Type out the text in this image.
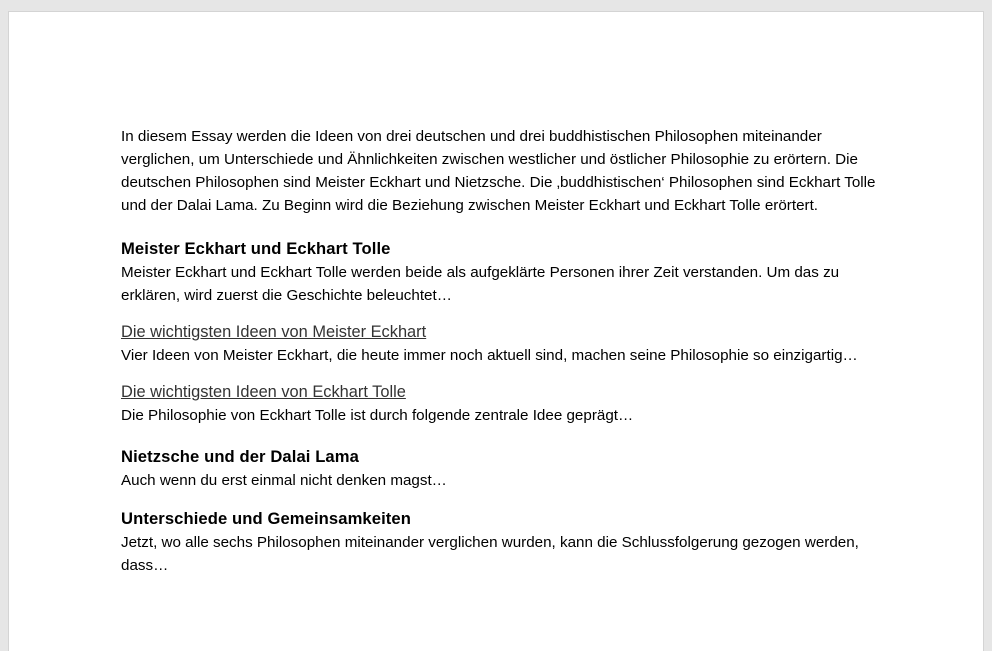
In diesem Essay werden die Ideen von drei deutschen und drei buddhistischen Philosophen miteinander verglichen, um Unterschiede und Ähnlichkeiten zwischen westlicher und östlicher Philosophie zu erörtern. Die deutschen Philosophen sind Meister Eckhart und Nietzsche. Die ‚buddhistischen‘ Philosophen sind Eckhart Tolle und der Dalai Lama. Zu Beginn wird die Beziehung zwischen Meister Eckhart und Eckhart Tolle erörtert.

Meister Eckhart und Eckhart Tolle

Meister Eckhart und Eckhart Tolle werden beide als aufgeklärte Personen ihrer Zeit verstanden. Um das zu erklären, wird zuerst die Geschichte beleuchtet…

Die wichtigsten Ideen von Meister Eckhart

Vier Ideen von Meister Eckhart, die heute immer noch aktuell sind, machen seine Philosophie so einzigartig…

Die wichtigsten Ideen von Eckhart Tolle

Die Philosophie von Eckhart Tolle ist durch folgende zentrale Idee geprägt…

Nietzsche und der Dalai Lama

Auch wenn du erst einmal nicht denken magst…

Unterschiede und Gemeinsamkeiten

Jetzt, wo alle sechs Philosophen miteinander verglichen wurden, kann die Schlussfolgerung gezogen werden, dass…
